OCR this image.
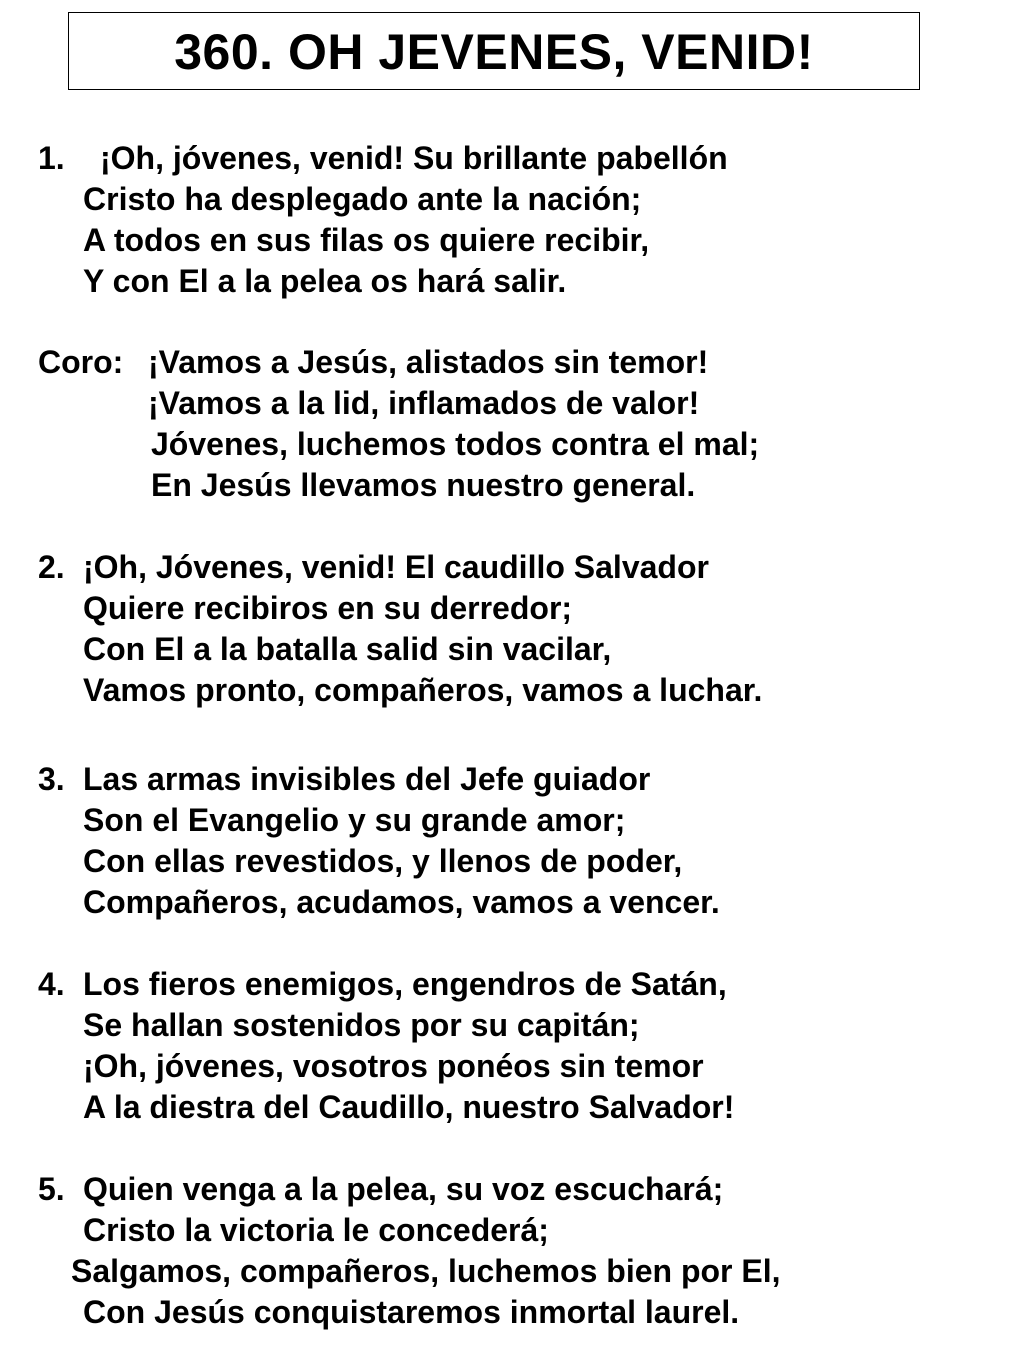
360. OH JEVENES, VENID!
1. ¡Oh, jóvenes, venid! Su brillante pabellón
Cristo ha desplegado ante la nación;
A todos en sus filas os quiere recibir,
Y con El a la pelea os hará salir.
Coro: ¡Vamos a Jesús, alistados sin temor!
¡Vamos a la lid, inflamados de valor!
Jóvenes, luchemos todos contra el mal;
En Jesús llevamos nuestro general.
2. ¡Oh, Jóvenes, venid! El caudillo Salvador
Quiere recibiros en su derredor;
Con El a la batalla salid sin vacilar,
Vamos pronto, compañeros, vamos a luchar.
3. Las armas invisibles del Jefe guiador
Son el Evangelio y su grande amor;
Con ellas revestidos, y llenos de poder,
Compañeros, acudamos, vamos a vencer.
4. Los fieros enemigos, engendros de Satán,
Se hallan sostenidos por su capitán;
¡Oh, jóvenes, vosotros ponéos sin temor
A la diestra del Caudillo, nuestro Salvador!
5. Quien venga a la pelea, su voz escuchará;
Cristo la victoria le concederá;
Salgamos, compañeros, luchemos bien por El,
Con Jesús conquistaremos inmortal laurel.
